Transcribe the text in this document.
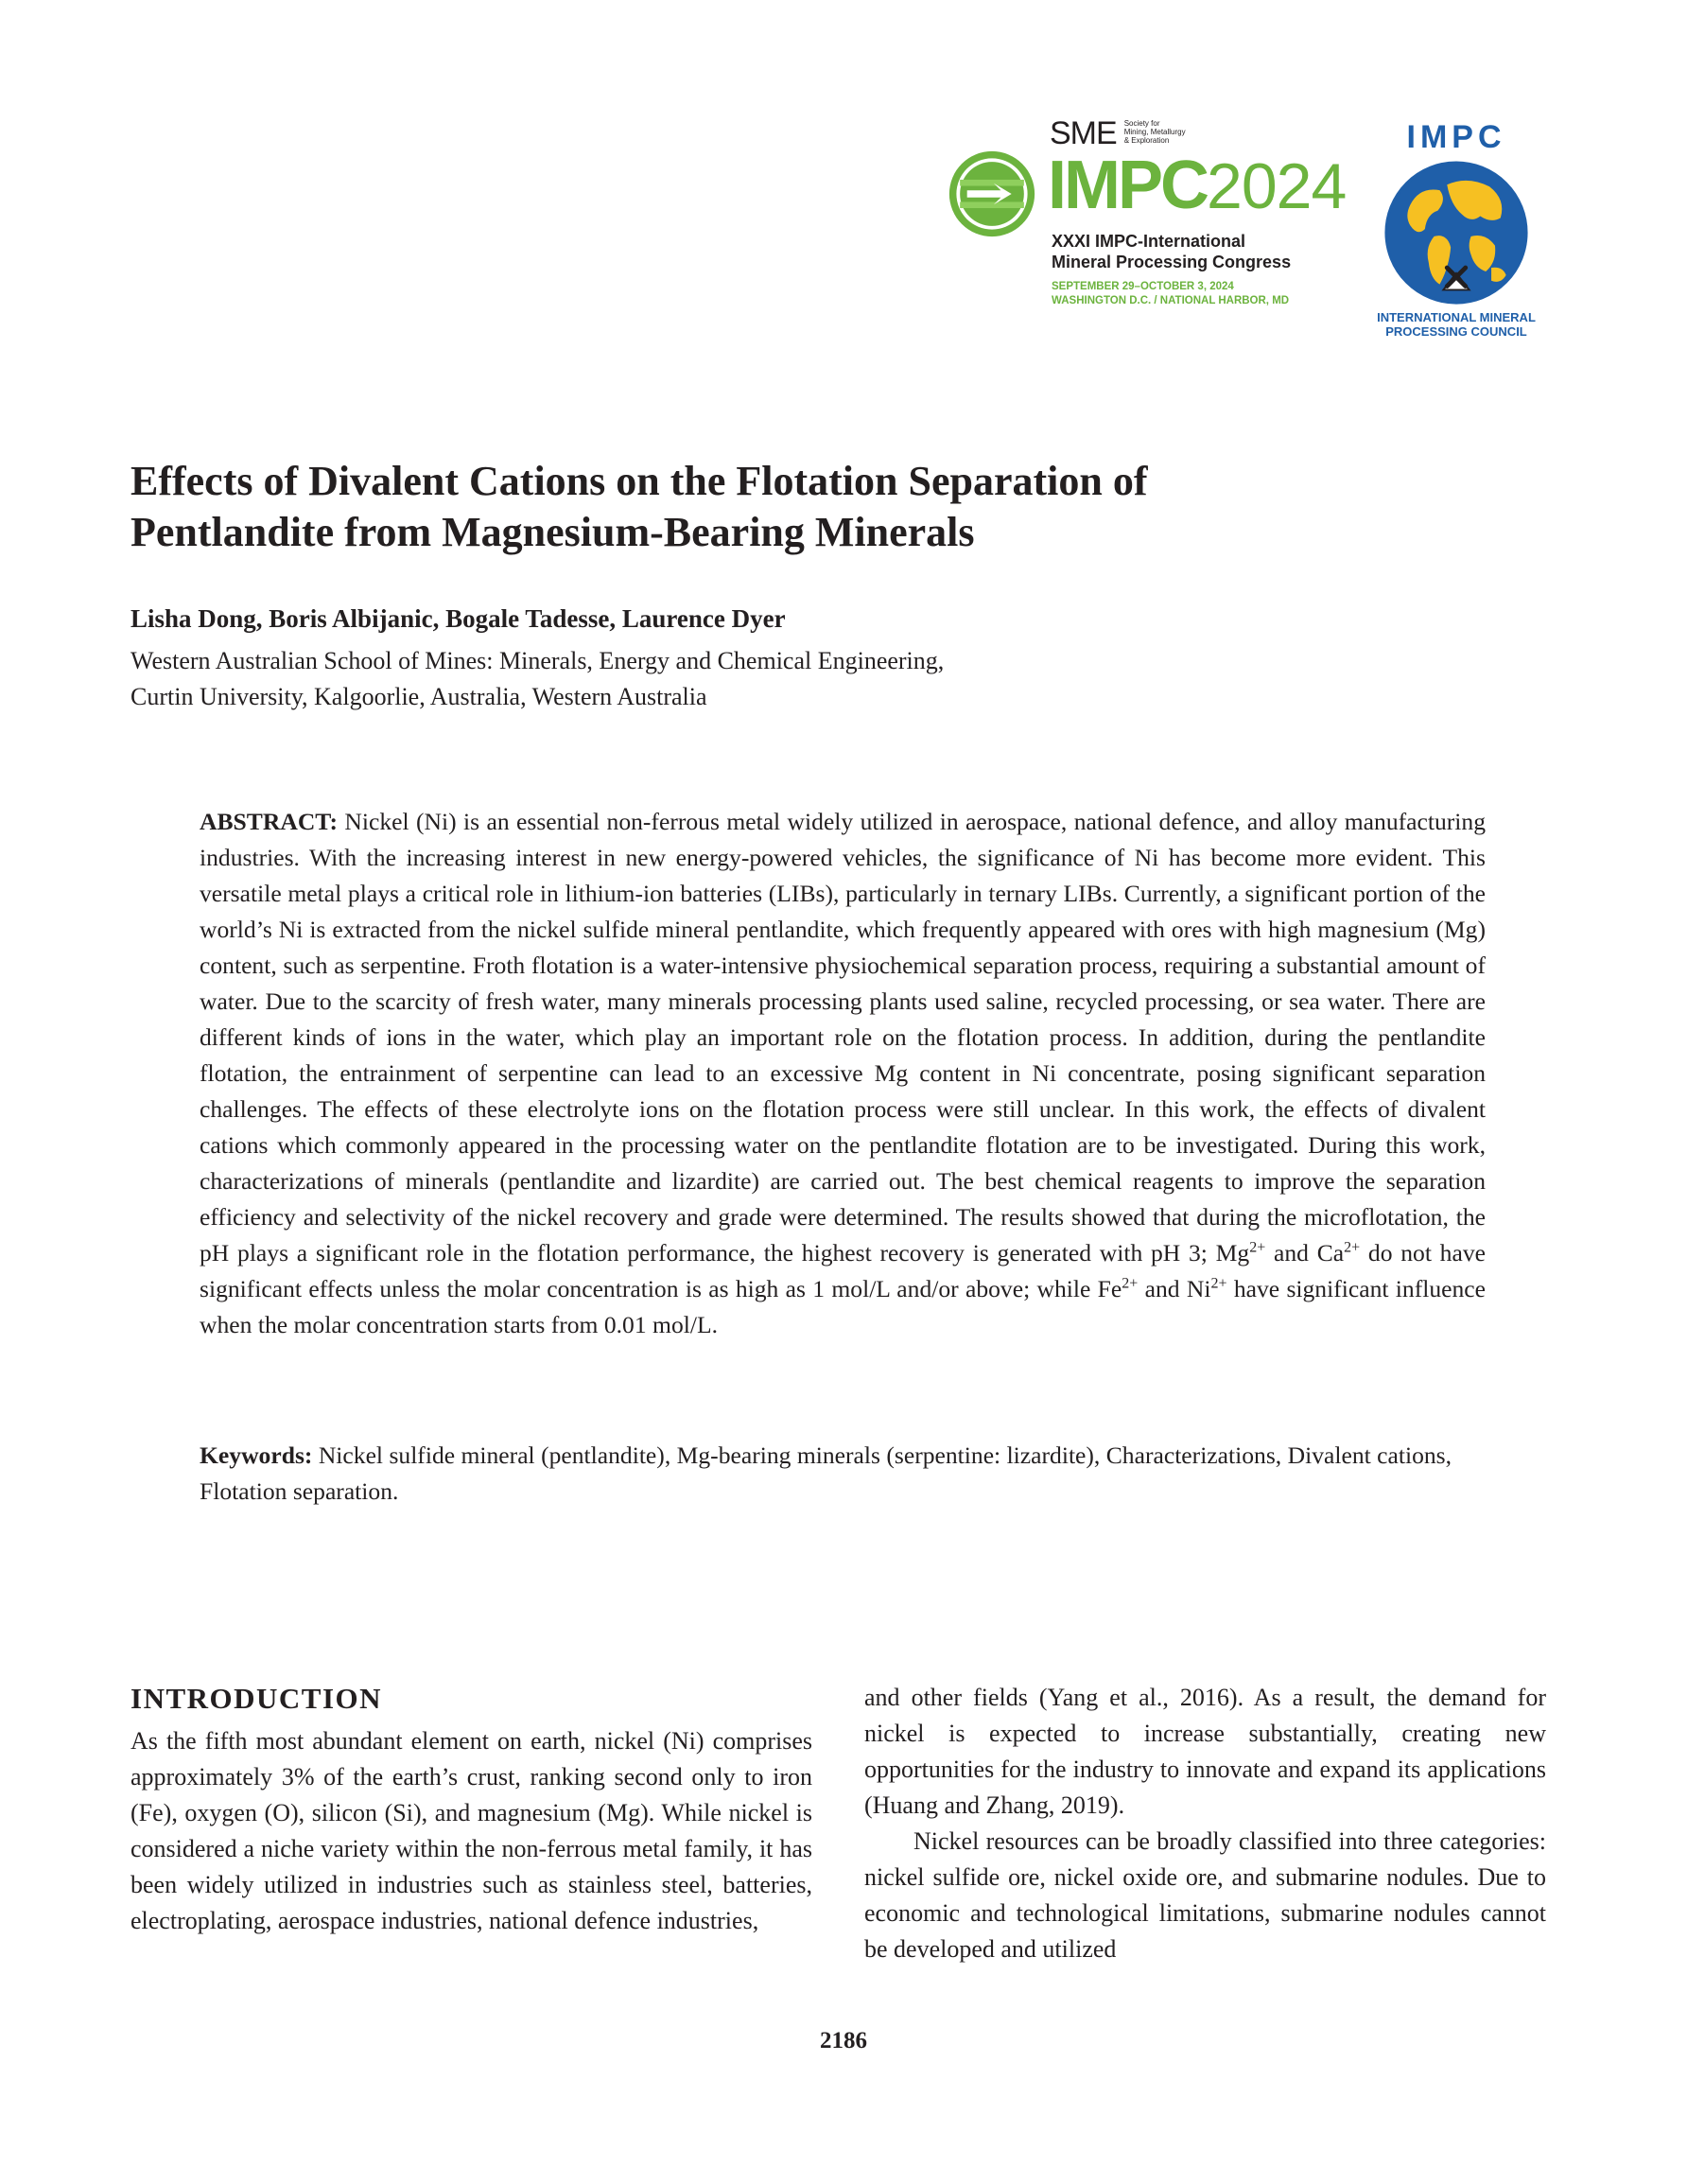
SME Society for
Mining, Metallurgy
& Exploration
IMPC2024
XXXI IMPC-International
Mineral Processing Congress
SEPTEMBER 29–OCTOBER 3, 2024
WASHINGTON D.C. / NATIONAL HARBOR, MD
IMPC
INTERNATIONAL MINERAL
PROCESSING COUNCIL
Effects of Divalent Cations on the Flotation Separation of
Pentlandite from Magnesium-Bearing Minerals
Lisha Dong, Boris Albijanic, Bogale Tadesse, Laurence Dyer
Western Australian School of Mines: Minerals, Energy and Chemical Engineering,
Curtin University, Kalgoorlie, Australia, Western Australia
ABSTRACT: Nickel (Ni) is an essential non-ferrous metal widely utilized in aerospace, national defence, and alloy manufacturing industries. With the increasing interest in new energy-powered vehicles, the significance of Ni has become more evident. This versatile metal plays a critical role in lithium-ion batteries (LIBs), particularly in ternary LIBs. Currently, a significant portion of the world’s Ni is extracted from the nickel sulfide mineral pentlandite, which frequently appeared with ores with high magnesium (Mg) content, such as serpentine. Froth flotation is a water-intensive physiochemical separation process, requiring a substantial amount of water. Due to the scarcity of fresh water, many minerals processing plants used saline, recycled processing, or sea water. There are different kinds of ions in the water, which play an important role on the flotation process. In addition, during the pentlandite flotation, the entrainment of serpentine can lead to an excessive Mg content in Ni concentrate, posing significant separation challenges. The effects of these electrolyte ions on the flotation process were still unclear. In this work, the effects of divalent cations which commonly appeared in the processing water on the pentlandite flotation are to be investigated. During this work, characterizations of minerals (pentlandite and lizardite) are carried out. The best chemical reagents to improve the separation efficiency and selectivity of the nickel recovery and grade were determined. The results showed that during the microflotation, the pH plays a significant role in the flotation performance, the highest recovery is generated with pH 3; $Mg^{2+}$ and $Ca^{2+}$ do not have significant effects unless the molar concentration is as high as 1 mol/L and/or above; while $Fe^{2+}$ and $Ni^{2+}$ have significant influence when the molar concentration starts from 0.01 mol/L.
Keywords: Nickel sulfide mineral (pentlandite), Mg-bearing minerals (serpentine: lizardite), Characterizations, Divalent cations, Flotation separation.
INTRODUCTION
As the fifth most abundant element on earth, nickel (Ni) comprises approximately 3% of the earth’s crust, ranking second only to iron (Fe), oxygen (O), silicon (Si), and magnesium (Mg). While nickel is considered a niche variety within the non-ferrous metal family, it has been widely utilized in industries such as stainless steel, batteries, electroplating, aerospace industries, national defence industries,

and other fields (Yang et al., 2016). As a result, the demand for nickel is expected to increase substantially, creating new opportunities for the industry to innovate and expand its applications (Huang and Zhang, 2019).

Nickel resources can be broadly classified into three categories: nickel sulfide ore, nickel oxide ore, and submarine nodules. Due to economic and technological limitations, submarine nodules cannot be developed and utilized

2186
